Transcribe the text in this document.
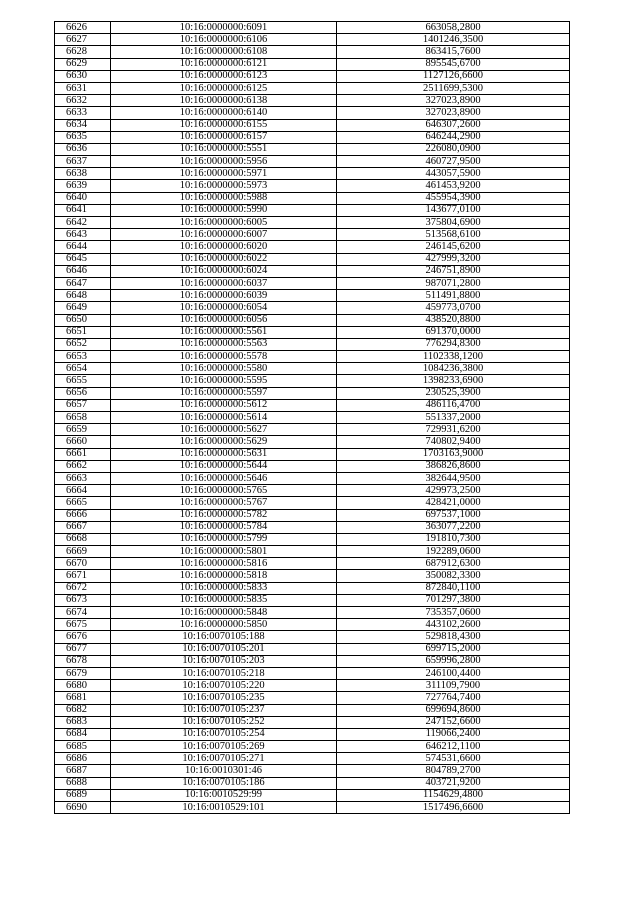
6626	10:16:0000000:6091	663058,2800
6627	10:16:0000000:6106	1401246,3500
6628	10:16:0000000:6108	863415,7600
6629	10:16:0000000:6121	895545,6700
6630	10:16:0000000:6123	1127126,6600
6631	10:16:0000000:6125	2511699,5300
6632	10:16:0000000:6138	327023,8900
6633	10:16:0000000:6140	327023,8900
6634	10:16:0000000:6155	646307,2600
6635	10:16:0000000:6157	646244,2900
6636	10:16:0000000:5551	226080,0900
6637	10:16:0000000:5956	460727,9500
6638	10:16:0000000:5971	443057,5900
6639	10:16:0000000:5973	461453,9200
6640	10:16:0000000:5988	455954,3900
6641	10:16:0000000:5990	143677,0100
6642	10:16:0000000:6005	375804,6900
6643	10:16:0000000:6007	513568,6100
6644	10:16:0000000:6020	246145,6200
6645	10:16:0000000:6022	427999,3200
6646	10:16:0000000:6024	246751,8900
6647	10:16:0000000:6037	987071,2800
6648	10:16:0000000:6039	511491,8800
6649	10:16:0000000:6054	459773,0700
6650	10:16:0000000:6056	438520,8800
6651	10:16:0000000:5561	691370,0000
6652	10:16:0000000:5563	776294,8300
6653	10:16:0000000:5578	1102338,1200
6654	10:16:0000000:5580	1084236,3800
6655	10:16:0000000:5595	1398233,6900
6656	10:16:0000000:5597	230525,3900
6657	10:16:0000000:5612	486116,4700
6658	10:16:0000000:5614	551337,2000
6659	10:16:0000000:5627	729931,6200
6660	10:16:0000000:5629	740802,9400
6661	10:16:0000000:5631	1703163,9000
6662	10:16:0000000:5644	386826,8600
6663	10:16:0000000:5646	382644,9500
6664	10:16:0000000:5765	429973,2500
6665	10:16:0000000:5767	428421,0000
6666	10:16:0000000:5782	697537,1000
6667	10:16:0000000:5784	363077,2200
6668	10:16:0000000:5799	191810,7300
6669	10:16:0000000:5801	192289,0600
6670	10:16:0000000:5816	687912,6300
6671	10:16:0000000:5818	350082,3300
6672	10:16:0000000:5833	872840,1100
6673	10:16:0000000:5835	701297,3800
6674	10:16:0000000:5848	735357,0600
6675	10:16:0000000:5850	443102,2600
6676	10:16:0070105:188	529818,4300
6677	10:16:0070105:201	699715,2000
6678	10:16:0070105:203	659996,2800
6679	10:16:0070105:218	246100,4400
6680	10:16:0070105:220	311109,7900
6681	10:16:0070105:235	727764,7400
6682	10:16:0070105:237	699694,8600
6683	10:16:0070105:252	247152,6600
6684	10:16:0070105:254	119066,2400
6685	10:16:0070105:269	646212,1100
6686	10:16:0070105:271	574531,6600
6687	10:16:0010301:46	804789,2700
6688	10:16:0070105:186	403721,9200
6689	10:16:0010529:99	1154629,4800
6690	10:16:0010529:101	1517496,6600
